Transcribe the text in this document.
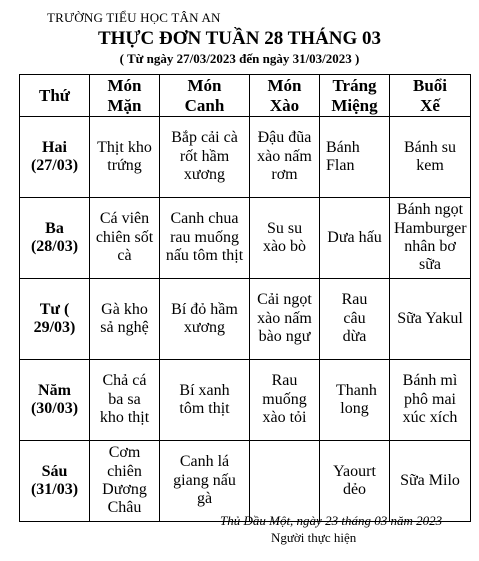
TRƯỜNG TIỂU HỌC TÂN AN
THỰC ĐƠN TUẦN 28 THÁNG 03
( Từ ngày 27/03/2023 đến ngày 31/03/2023 )
Thứ	Món Mặn	Món Canh	Món Xào	Tráng Miệng	Buổi Xế
Hai (27/03)	Thịt kho trứng	Bắp cải cà rốt hầm xương	Đậu đũa xào nấm rơm	Bánh Flan	Bánh su kem
Ba (28/03)	Cá viên chiên sốt cà	Canh chua rau muống nấu tôm thịt	Su su xào bò	Dưa hấu	Bánh ngọt Hamburger nhân bơ sữa
Tư ( 29/03)	Gà kho sả nghệ	Bí đỏ hầm xương	Cải ngọt xào nấm bào ngư	Rau câu dừa	Sữa Yakul
Năm (30/03)	Chả cá ba sa kho thịt	Bí xanh tôm thịt	Rau muống xào tỏi	Thanh long	Bánh mì phô mai xúc xích
Sáu (31/03)	Cơm chiên Dương Châu	Canh lá giang nấu gà		Yaourt dẻo	Sữa Milo
Thủ Dầu Một, ngày 23 tháng 03 năm 2023
Người thực hiện
